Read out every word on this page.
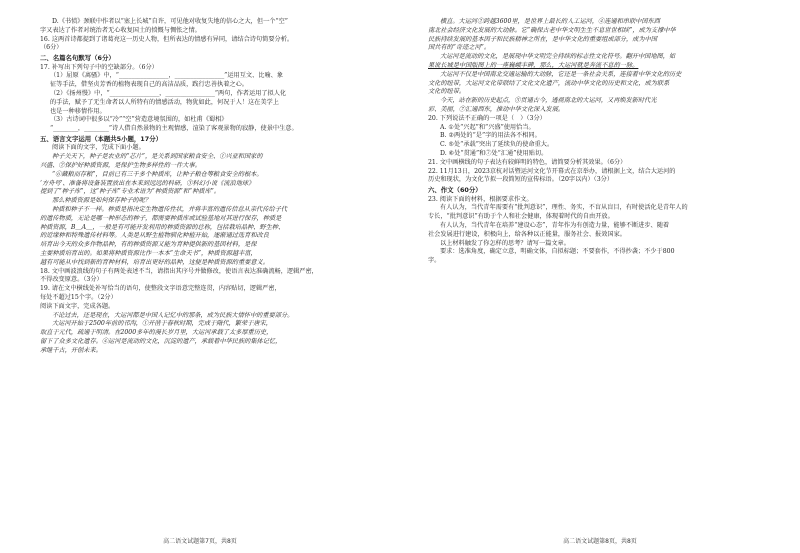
D.《书愤》颈联中作者以“塞上长城”自许，可见他对收复失地的信心之大，但一个“空”

字又表达了作者对统治者无心收复国土的愤慨与惆怅之情。

16. 这两首诗都提到了诸葛亮这一历史人物，但所表达的情感有异同，请结合诗句简要分析。

（6分）

二、名篇名句默写（6分）

17. 补写出下列句子中的空缺部分。（6分）

（1）屈原《离骚》中，“________________，________________”运用互文、比喻、象

征等手法，借坚贞芳香的植物表现自己的高洁品质，践行忠善执着之心。

（2）《扬州慢》中，“________________，________________”两句，作者运用了拟人化

的手法，赋予了无生命者以人所特有的情感活动，物犹如此，何况于人！这在美学上

也是一种移情作用。

（3）古诗词中很多以“冷”“空”营造意境氛围的，如杜甫《蜀相》

“________，________”诗人借自然景物的主观情感，渲染了客观景物的寂静，使景中生意。

五、语言文字运用（本题共5小题，17分）

阅读下面的文字，完成下面小题。

种子关天下，种子是农业的“芯片”，是关系到国家粮食安全、①兴亚和国家的

兴盛、②保护好种质资源，是保护生物多样性的一件大事。

“⑥藏粮而存粮”，目前已有三千多个种质库，让种子粮仓等粮食安全的根本。

‘方舟号’、准备将设备装置放出在本来到远远的科研，③科幻小说《流浪地球》

提到了“种子库”，这“种子库”专业术语为“种质资源”和“种质库”。

那么种质资源是如何保存种子的呢？

种质和种子不一样。种质是指决定生物遗传性状，并将丰富的遗传信息从亲代传给子代

的遗传物质，无论是哪一种形态的种子，都需要种质库或试验基地对其进行保存，种质是

种质资源，B＿A＿，一般是有可能开发利用的种质资源的总称，包括栽培品种、野生种、

的近缘种和特殊遗传材料等。人类是从野生植物驯化种植开始，逐渐通过选育和改良

培育出今天的众多作物品种，有的种质资源又能为育种提供新的基因材料，是保

主要种质培育出的。如果将种质资源比作一本本“生命天书”，种质资源越丰富，

越有可能从中找到新的育种材料，培育出更好的品种，这便是种质资源的重要意义。

18. 文中画波浪线的句子有两处表述不当，请指出其序号并做修改，使语言表达准确流畅，逻辑严密，

不得改变原意。（3分）

19. 请在文中横线处补写恰当的语句，使整段文字语意完整连贯，内容贴切，逻辑严密，

每处不超过15个字。（2分）

阅读下面文字，完成各题。

不论过去，还是现在，大运河都是中国人记忆中的那条，成为民族大情怀中的重要部分。

大运河开始于2500年前的邗沟，①开凿于春秋时期，完成于隋代，繁荣于唐宋，

取直于元代，疏通于明清。在2000多年的漫长岁月里，大运河承载了太多厚重历史，

留下了众多文化遗存。④运河是流动的文化，沉淀的遗产，承载着中华民族的集体记忆，

承继千古，开创未来。

高二语文试题第7页，共8页

横直。大运河②跨越3600里，是世界上最长的人工运河，④连通和串联中国东西

南北社会经济文化发展的大动脉。它“确保古老中华文明生生不息世世相续”，成为支撑中华

民族持续发展的基本因子和民族精神之所在，是中华文化的重要组成部分，成为中国

国共有的“奇迹之河”。

大运河是流动的文化，是展现中华文明完全持续的标志性文化符号。翻开中国地图，如

果说长城是中国版图上的一座巍峨丰碑，那么，大运河就是奔流不息的一脉。

大运河不仅是中国南北交通运输的大动脉，它还是一条社会关系，连接着中华文化的历史

文化的纽带，大运河文化带联结了文化文化遗产，流动中华文化的历史和文化，成为联系

文化的纽带。

今天，站在新的历史起点，⑤贯通古今，透视南北的大运河，又再焕发新时代光

彩、美丽，⑦汇通西东，推动中华文化深入发展。

20. 下列说法不正确的一项是（　）（3分）

A. ①处“兴起”和“兴盛”使用恰当。

B. ②两处的“是”字的用法各不相同。

C. ⑤处“承载”突出了延续负的使命重大。

D. ⑥处“贯通”和⑦处“汇通”使用贴切。

21. 文中画横线的句子表达有较鲜明的特色，请简要分析其效果。（6分）

22. 11月13日，2023京杭对话暨运河文化节开幕式在京举办，请根据上文，结合大运河的

历史和现状，为文化节拟一段简短的宣传标语。（20字以内）（3分）

六、作文（60分）

23. 阅读下面的材料，根据要求作文。

有人认为，当代青年需要有“批判意识”，理性、务实，不盲从盲目，有时使活化是青年人的

专长，“批判意识”有助于个人和社会健康，体现着时代的自由开放。

有人认为，当代青年在培养“建设心态”，青年作为有创造力量，能够不断进步、随着

社会发展进行建设，积极向上，给各种以正能量，服务社会、报效国家。

以上材料触发了你怎样的思考？请写一篇文章。

要求：选准角度，确定立意，明确文体，自拟标题；不要套作，不得抄袭；不少于800

字。

高二语文试题第8页，共8页
